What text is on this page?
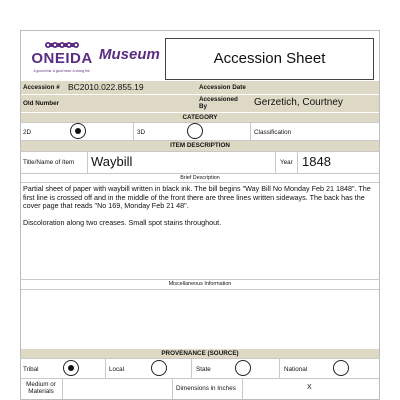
ONEIDA
A good mind. A good heart. A strong fire.
Museum	Accession Sheet
Accession # BC2010.022.855.19	Accession Date
Old Number
Accessioned By	Gerzetich, Courtney
CATEGORY
2D	3D	Classification
ITEM DESCRIPTION
Title/Name of Item Waybill	Year 1848
Brief Description
Partial sheet of paper with waybill written in black ink. The bill begins "Way Bill No Monday Feb 21 1848". The first line is crossed off and in the middle of the front there are three lines written sideways. The back has the cover page that reads "No 169, Monday Feb 21 48".
Discoloration along two creases. Small spot stains throughout.
Miscellaneous Information
PROVENANCE (SOURCE)
Tribal	Local	State	National
Medium or Materials	Dimensions in Inches	X
